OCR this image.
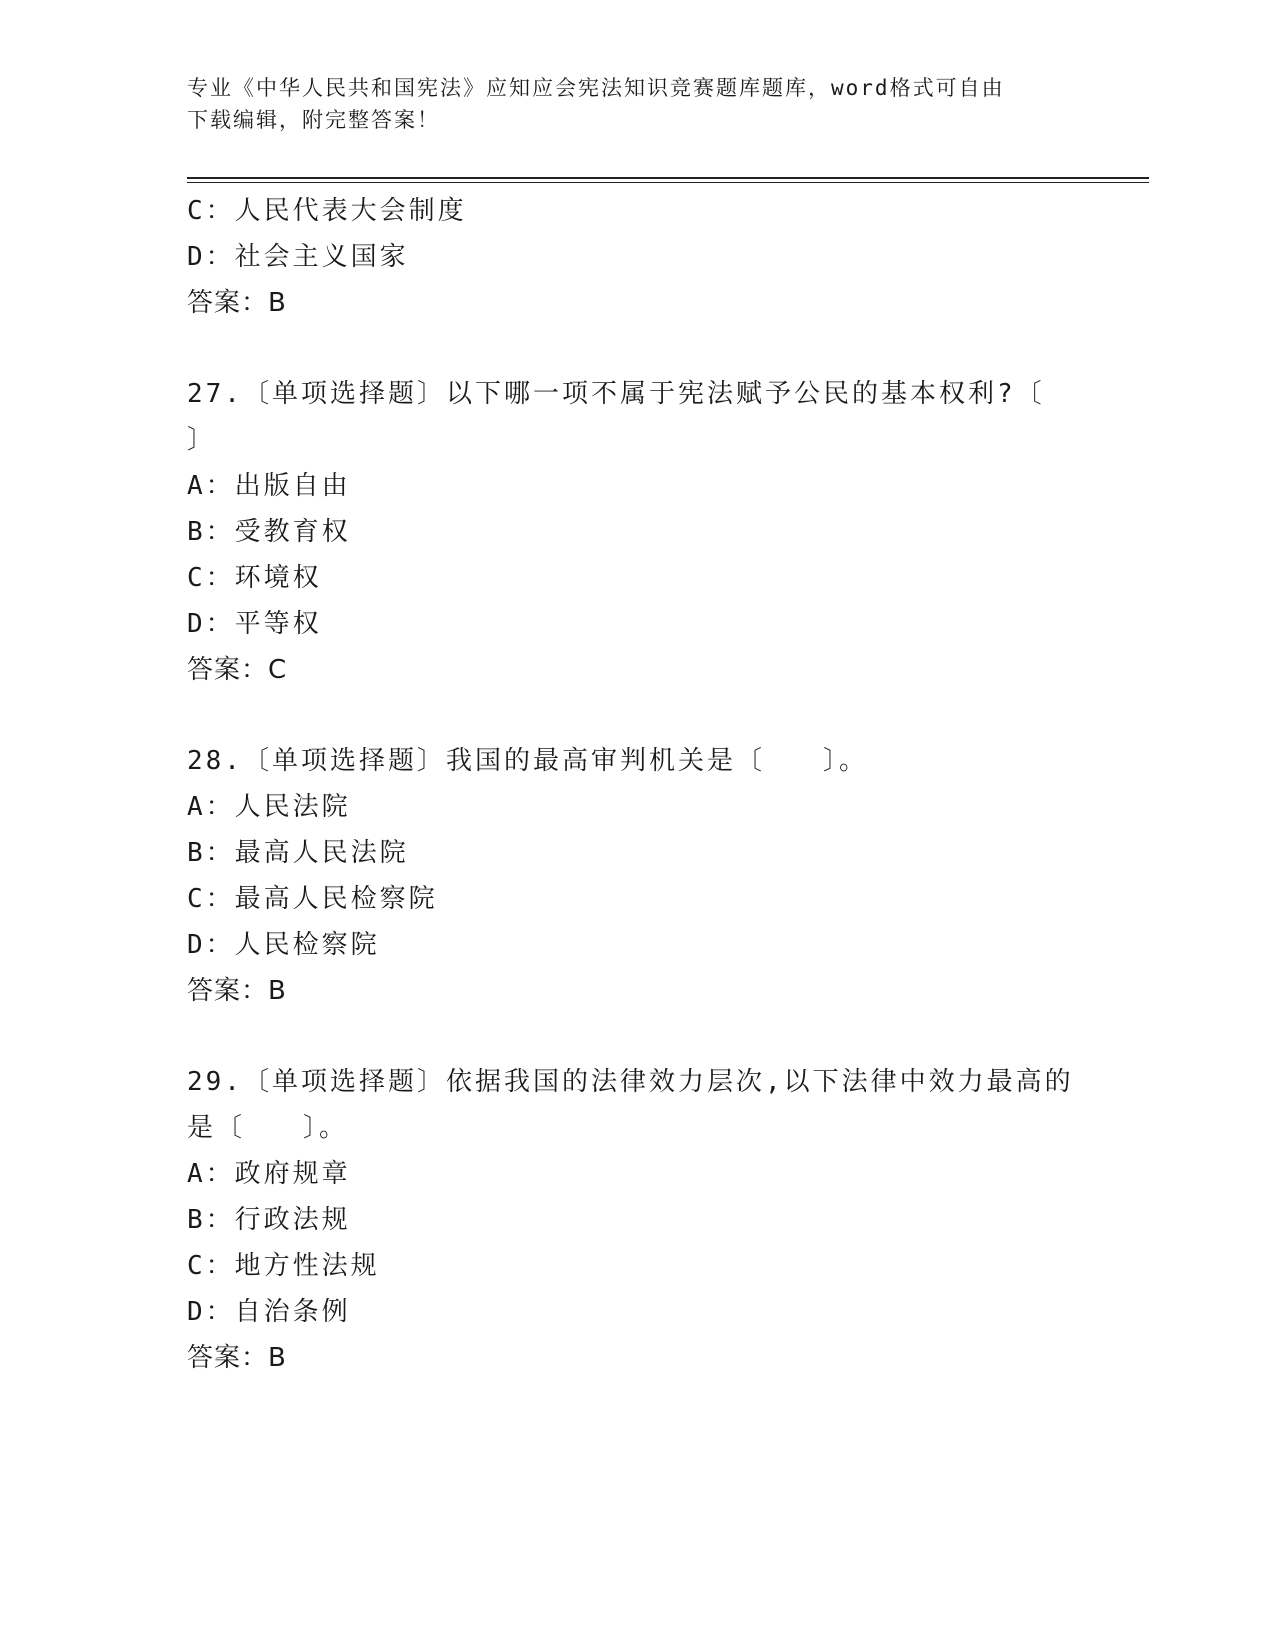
专业《中华人民共和国宪法》应知应会宪法知识竞赛题库题库，word格式可自由
下载编辑，附完整答案！
C：人民代表大会制度
D：社会主义国家
答案：B
27.〔单项选择题〕以下哪一项不属于宪法赋予公民的基本权利?〔
〕
A：出版自由
B：受教育权
C：环境权
D：平等权
答案：C
28.〔单项选择题〕我国的最高审判机关是〔　　〕。
A：人民法院
B：最高人民法院
C：最高人民检察院
D：人民检察院
答案：B
29.〔单项选择题〕依据我国的法律效力层次,以下法律中效力最高的
是〔　　〕。
A：政府规章
B：行政法规
C：地方性法规
D：自治条例
答案：B
